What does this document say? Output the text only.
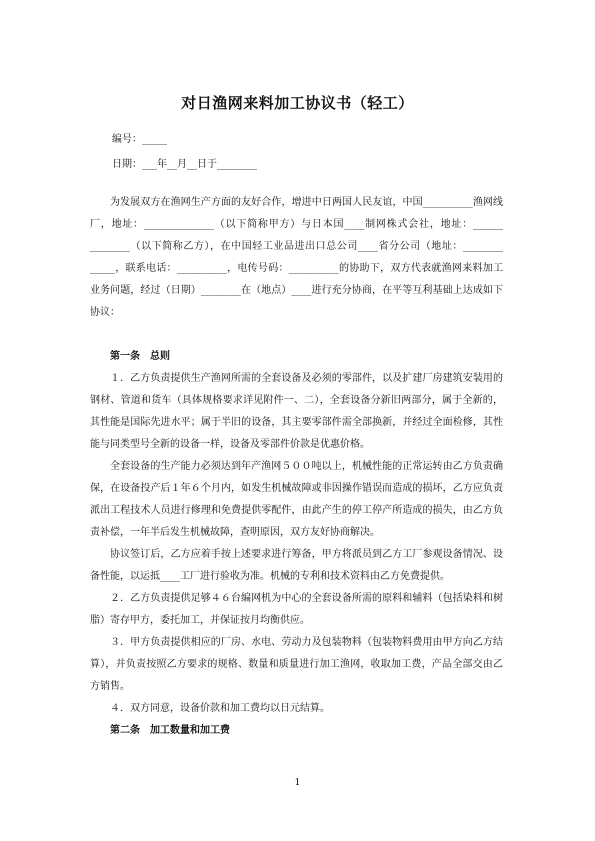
对日渔网来料加工协议书（轻工）
编号：_____
日期：___年__月__日于________

为发展双方在渔网生产方面的友好合作，增进中日两国人民友谊，中国__________渔网线厂，地址：______________（以下简称甲方）与日本国____制网株式会社，地址：______ ________（以下简称乙方），在中国轻工业品进出口总公司____省分公司（地址：________ _____，联系电话：__________，电传号码：__________的协助下，双方代表就渔网来料加工业务问题，经过（日期）________在（地点）____进行充分协商，在平等互利基础上达成如下协议：

第一条　总则

１．乙方负责提供生产渔网所需的全套设备及必须的零部件，以及扩建厂房建筑安装用的钢材、管道和货车（具体规格要求详见附件一、二），全套设备分新旧两部分，属于全新的，其性能是国际先进水平；属于半旧的设备，其主要零部件需全部换新，并经过全面检修，其性能与同类型号全新的设备一样，设备及零部件价款是优惠价格。

全套设备的生产能力必须达到年产渔网５００吨以上，机械性能的正常运转由乙方负责确保，在设备投产后１年６个月内，如发生机械故障或非因操作错误而造成的损坏，乙方应负责派出工程技术人员进行修理和免费提供零配件，由此产生的停工停产所造成的损失，由乙方负责补偿，一年半后发生机械故障，查明原因，双方友好协商解决。

协议签订后，乙方应着手按上述要求进行筹备，甲方将派员到乙方工厂参观设备情况、设备性能，以运抵____工厂进行验收为准。机械的专利和技术资料由乙方免费提供。

２．乙方负责提供足够４６台编网机为中心的全套设备所需的原料和辅料（包括染料和树脂）寄存甲方，委托加工，并保证按月均衡供应。

３．甲方负责提供相应的厂房、水电、劳动力及包装物料（包装物料费用由甲方向乙方结算），并负责按照乙方要求的规格、数量和质量进行加工渔网，收取加工费，产品全部交由乙方销售。

４．双方同意，设备价款和加工费均以日元结算。

第二条　加工数量和加工费

1
